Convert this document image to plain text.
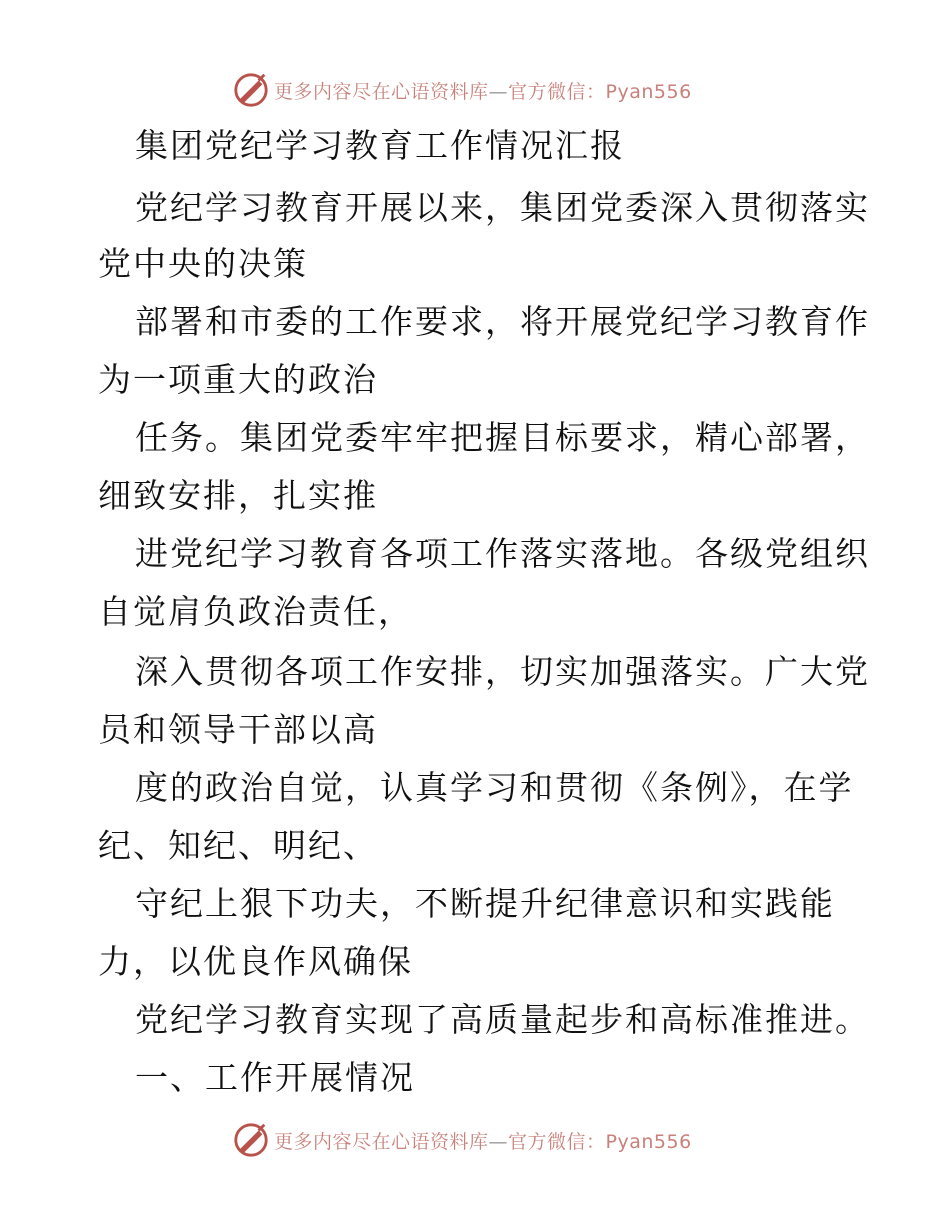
更多内容尽在心语资料库—官方微信：Pyan556
集团党纪学习教育工作情况汇报
党纪学习教育开展以来，集团党委深入贯彻落实
党中央的决策
部署和市委的工作要求，将开展党纪学习教育作
为一项重大的政治
任务。集团党委牢牢把握目标要求，精心部署，
细致安排，扎实推
进党纪学习教育各项工作落实落地。各级党组织
自觉肩负政治责任，
深入贯彻各项工作安排，切实加强落实。广大党
员和领导干部以高
度的政治自觉，认真学习和贯彻《条例》，在学
纪、知纪、明纪、
守纪上狠下功夫，不断提升纪律意识和实践能
力，以优良作风确保
党纪学习教育实现了高质量起步和高标准推进。
一、工作开展情况
更多内容尽在心语资料库—官方微信：Pyan556
